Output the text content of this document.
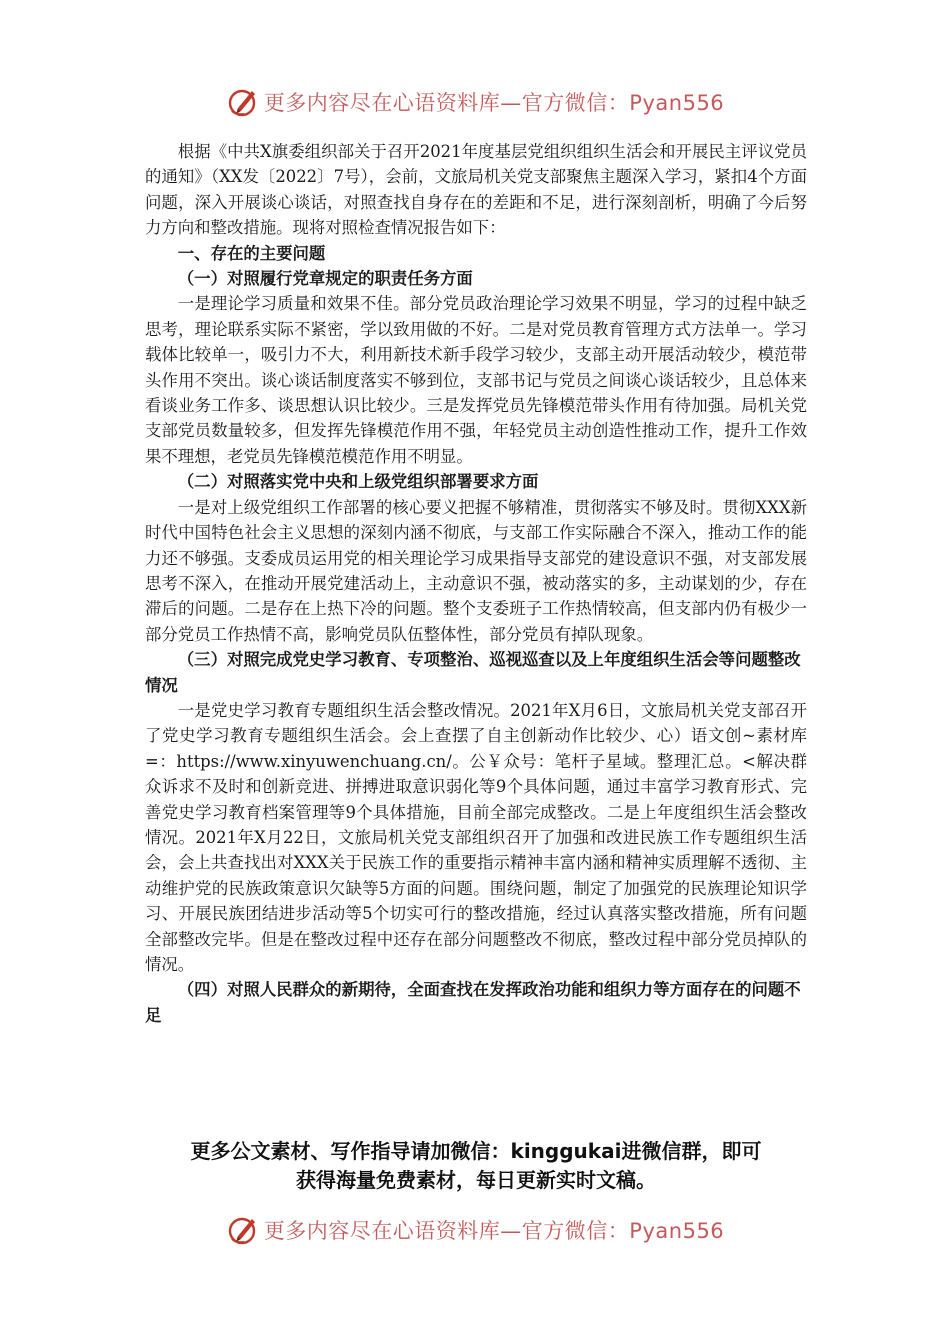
更多内容尽在心语资料库—官方微信：Pyan556

根据《中共X旗委组织部关于召开2021年度基层党组织组织生活会和开展民主评议党员的通知》（XX发〔2022〕7号），会前，文旅局机关党支部聚焦主题深入学习，紧扣4个方面问题，深入开展谈心谈话，对照查找自身存在的差距和不足，进行深刻剖析，明确了今后努力方向和整改措施。现将对照检查情况报告如下：

一、存在的主要问题
（一）对照履行党章规定的职责任务方面

一是理论学习质量和效果不佳。部分党员政治理论学习效果不明显，学习的过程中缺乏思考，理论联系实际不紧密，学以致用做的不好。二是对党员教育管理方式方法单一。学习载体比较单一，吸引力不大，利用新技术新手段学习较少，支部主动开展活动较少，模范带头作用不突出。谈心谈话制度落实不够到位，支部书记与党员之间谈心谈话较少，且总体来看谈业务工作多、谈思想认识比较少。三是发挥党员先锋模范带头作用有待加强。局机关党支部党员数量较多，但发挥先锋模范作用不强，年轻党员主动创造性推动工作，提升工作效果不理想，老党员先锋模范模范作用不明显。

（二）对照落实党中央和上级党组织部署要求方面

一是对上级党组织工作部署的核心要义把握不够精准，贯彻落实不够及时。贯彻XXX新时代中国特色社会主义思想的深刻内涵不彻底，与支部工作实际融合不深入，推动工作的能力还不够强。支委成员运用党的相关理论学习成果指导支部党的建设意识不强，对支部发展思考不深入，在推动开展党建活动上，主动意识不强，被动落实的多，主动谋划的少，存在滞后的问题。二是存在上热下冷的问题。整个支委班子工作热情较高，但支部内仍有极少一部分党员工作热情不高，影响党员队伍整体性，部分党员有掉队现象。

（三）对照完成党史学习教育、专项整治、巡视巡查以及上年度组织生活会等问题整改情况

一是党史学习教育专题组织生活会整改情况。2021年X月6日，文旅局机关党支部召开了党史学习教育专题组织生活会。会上查摆了自主创新动作比较少、心）语文创~素材库=：https://www.xinyuwenchuang.cn/。公￥众号：笔杆子星域。整理汇总。<解决群众诉求不及时和创新竞进、拼搏进取意识弱化等9个具体问题，通过丰富学习教育形式、完善党史学习教育档案管理等9个具体措施，目前全部完成整改。二是上年度组织生活会整改情况。2021年X月22日，文旅局机关党支部组织召开了加强和改进民族工作专题组织生活会，会上共查找出对XXX关于民族工作的重要指示精神丰富内涵和精神实质理解不透彻、主动维护党的民族政策意识欠缺等5方面的问题。围绕问题，制定了加强党的民族理论知识学习、开展民族团结进步活动等5个切实可行的整改措施，经过认真落实整改措施，所有问题全部整改完毕。但是在整改过程中还存在部分问题整改不彻底，整改过程中部分党员掉队的情况。

（四）对照人民群众的新期待，全面查找在发挥政治功能和组织力等方面存在的问题不足
更多公文素材、写作指导请加微信：kinggukai进微信群，即可
获得海量免费素材，每日更新实时文稿。
更多内容尽在心语资料库—官方微信：Pyan556
